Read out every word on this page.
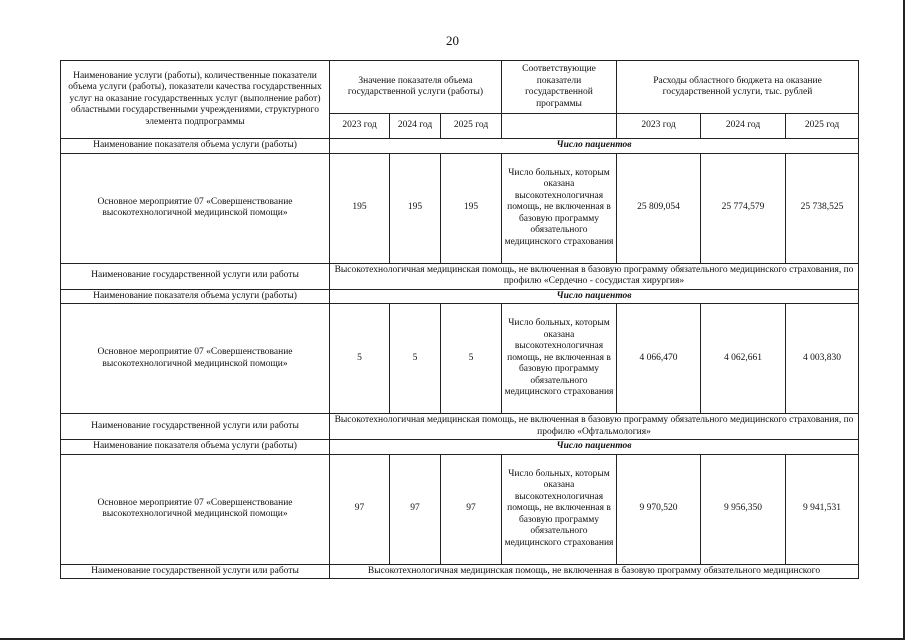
20
Наименование услуги (работы), количественные показатели объема услуги (работы), показатели качества государственных услуг на оказание государственных услуг (выполнение работ) областными государственными учреждениями, структурного элемента подпрограммы	Значение показателя объема государственной услуги (работы)			Соответствующие показатели государственной программы	Расходы областного бюджета на оказание государственной услуги, тыс. рублей		
	2023 год	2024 год	2025 год		2023 год	2024 год	2025 год
Наименование показателя объема услуги (работы)	Число пациентов						
Основное мероприятие 07 «Совершенствование высокотехнологичной медицинской помощи»	195	195	195	Число больных, которым оказана высокотехнологичная помощь, не включенная в базовую программу обязательного медицинского страхования	25 809,054	25 774,579	25 738,525
Наименование государственной услуги или работы	Высокотехнологичная медицинская помощь, не включенная в базовую программу обязательного медицинского страхования, по профилю «Сердечно - сосудистая хирургия»						
Наименование показателя объема услуги (работы)	Число пациентов						
Основное мероприятие 07 «Совершенствование высокотехнологичной медицинской помощи»	5	5	5	Число больных, которым оказана высокотехнологичная помощь, не включенная в базовую программу обязательного медицинского страхования	4 066,470	4 062,661	4 003,830
Наименование государственной услуги или работы	Высокотехнологичная медицинская помощь, не включенная в базовую программу обязательного медицинского страхования, по профилю «Офтальмология»						
Наименование показателя объема услуги (работы)	Число пациентов						
Основное мероприятие 07 «Совершенствование высокотехнологичной медицинской помощи»	97	97	97	Число больных, которым оказана высокотехнологичная помощь, не включенная в базовую программу обязательного медицинского страхования	9 970,520	9 956,350	9 941,531
Наименование государственной услуги или работы	Высокотехнологичная медицинская помощь, не включенная в базовую программу обязательного медицинского						
